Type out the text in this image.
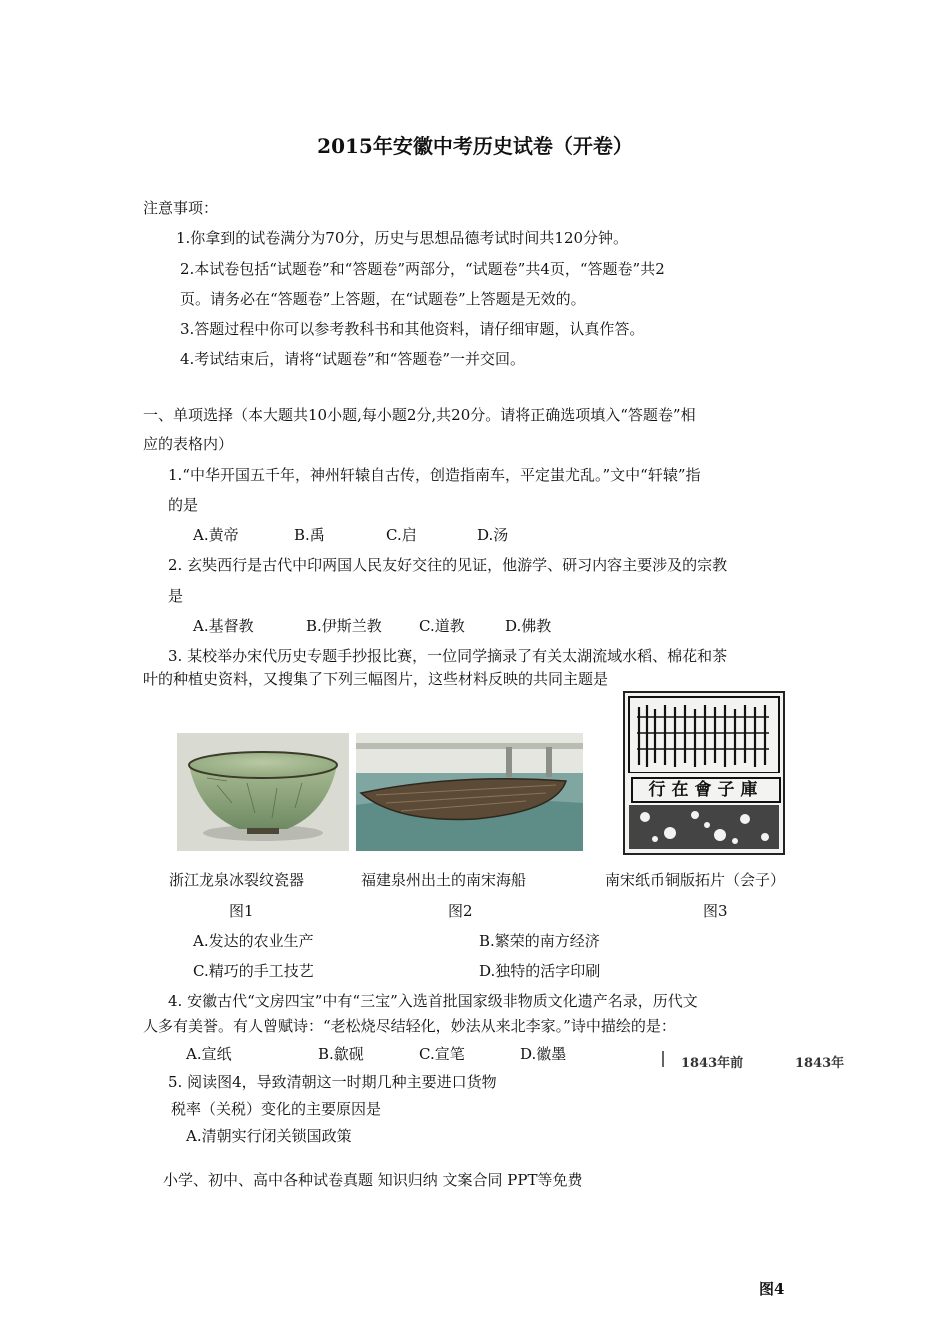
2015年安徽中考历史试卷（开卷）
注意事项：
1.你拿到的试卷满分为70分，历史与思想品德考试时间共120分钟。
2.本试卷包括“试题卷”和“答题卷”两部分，“试题卷”共4页，“答题卷”共2
页。请务必在“答题卷”上答题，在“试题卷”上答题是无效的。
3.答题过程中你可以参考教科书和其他资料，请仔细审题，认真作答。
4.考试结束后，请将“试题卷”和“答题卷”一并交回。
一、单项选择（本大题共10小题,每小题2分,共20分。请将正确选项填入“答题卷”相
应的表格内）
1.“中华开国五千年，神州轩辕自古传，创造指南车，平定蚩尤乱。”文中“轩辕”指
的是
A.黄帝	B.禹	C.启	D.汤
2. 玄奘西行是古代中印两国人民友好交往的见证，他游学、研习内容主要涉及的宗教
是
A.基督教	B.伊斯兰教 C.道教	D.佛教
3. 某校举办宋代历史专题手抄报比赛，一位同学摘录了有关太湖流域水稻、棉花和茶
叶的种植史资料，又搜集了下列三幅图片，这些材料反映的共同主题是
行在會子庫
浙江龙泉冰裂纹瓷器	福建泉州出土的南宋海船	南宋纸币铜版拓片（会子）
图1	图2	图3
A.发达的农业生产	B.繁荣的南方经济
C.精巧的手工技艺	D.独特的活字印刷
4. 安徽古代“文房四宝”中有“三宝”入选首批国家级非物质文化遗产名录，历代文
人多有美誉。有人曾赋诗：“老松烧尽结轻化，妙法从来北李家。”诗中描绘的是：
A.宣纸	B.歙砚	C.宣笔	D.徽墨
1843年前	1843年
5. 阅读图4，导致清朝这一时期几种主要进口货物
税率（关税）变化的主要原因是
A.清朝实行闭关锁国政策
小学、初中、高中各种试卷真题 知识归纳 文案合同 PPT等免费
图4
